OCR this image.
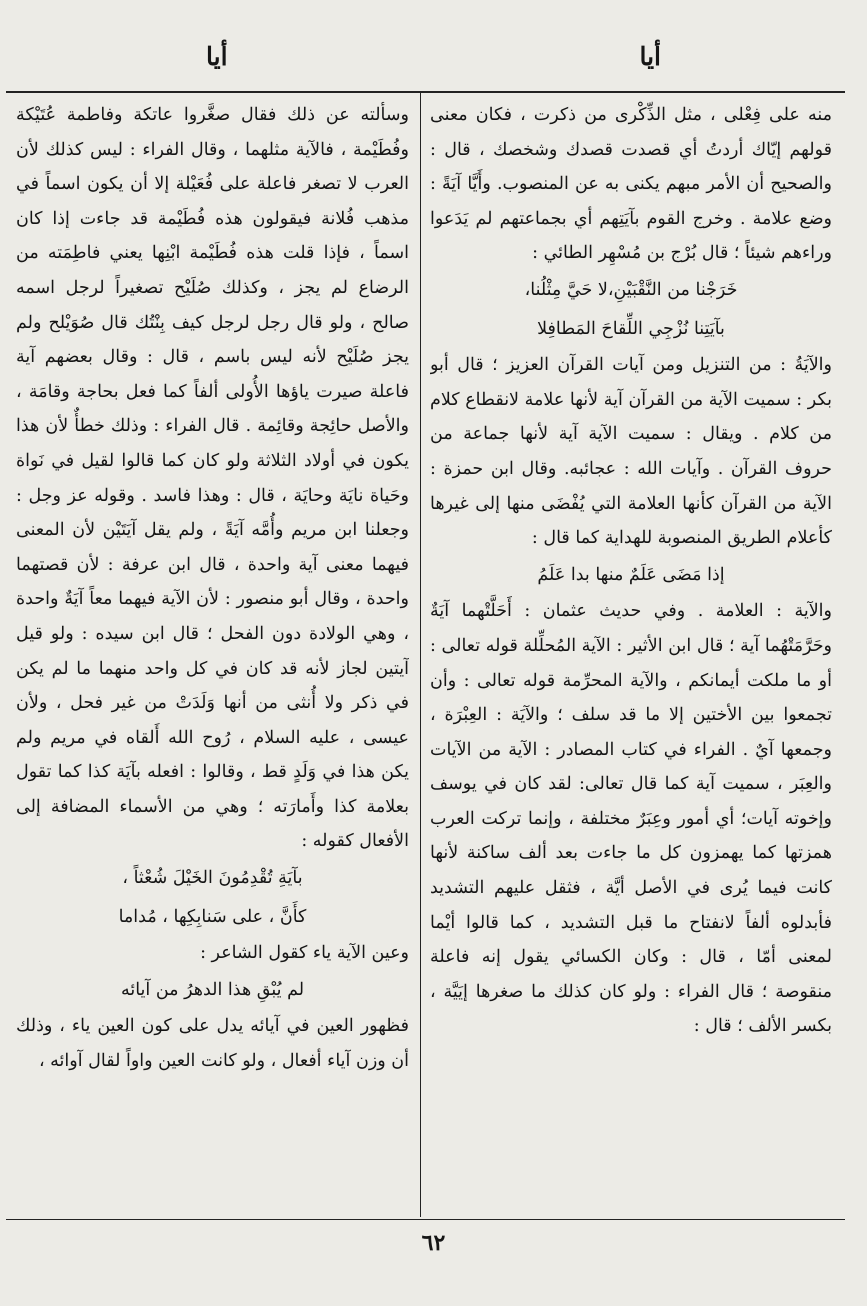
أيا
أيا

منه على فِعْلى ، مثل الذِّكْرى من ذكرت ، فكان معنى قولهم إيّاك أردتُ أي قصدت قصدك وشخصك ، قال : والصحيح أن الأمر مبهم يكنى به عن المنصوب. وأَيَّا آيَةً : وضع علامة . وخرج القوم بآيَتِهم أي بجماعتهم لم يَدَعوا وراءهم شيئاً ؛ قال بُرْج بن مُسْهِر الطائي :

خَرَجْنا من النَّقْبَيْنِ،لا حَيَّ مِثْلُنا،

بآيَتِنا نُزْجِي اللِّقاحَ المَطافِلا

والآيَةُ : من التنزيل ومن آيات القرآن العزيز ؛ قال أبو بكر : سميت الآية من القرآن آية لأنها علامة لانقطاع كلام من كلام . ويقال : سميت الآية آية لأنها جماعة من حروف القرآن . وآيات الله : عجائبه. وقال ابن حمزة : الآية من القرآن كأنها العلامة التي يُفْضَى منها إلى غيرها كأعلام الطريق المنصوبة للهداية كما قال :

إذا مَضَى عَلَمٌ منها بدا عَلَمُ

والآية : العلامة . وفي حديث عثمان : أَحَلَّتْهما آيَةٌ وحَرَّمَتْهُما آية ؛ قال ابن الأثير : الآية المُحلِّلة قوله تعالى : أو ما ملكت أيمانكم ، والآية المحرِّمة قوله تعالى : وأن تجمعوا بين الأختين إلا ما قد سلف ؛ والآيَة : العِبْرَة ، وجمعها آيٌ . الفراء في كتاب المصادر : الآية من الآيات والعِبَر ، سميت آية كما قال تعالى: لقد كان في يوسف وإخوته آيات؛ أي أمور وعِبَرٌ مختلفة ، وإنما تركت العرب همزتها كما يهمزون كل ما جاءت بعد ألف ساكنة لأنها كانت فيما يُرى في الأصل أيَّة ، فثقل عليهم التشديد فأبدلوه ألفاً لانفتاح ما قبل التشديد ، كما قالوا أيْما لمعنى أمّا ، قال : وكان الكسائي يقول إنه فاعلة منقوصة ؛ قال الفراء : ولو كان كذلك ما صغرها إيَيَّة ، بكسر الألف ؛ قال :

وسألته عن ذلك فقال صغَّروا عاتكة وفاطمة عُتَيْكة وفُطَيْمة ، فالآية مثلهما ، وقال الفراء : ليس كذلك لأن العرب لا تصغر فاعلة على فُعَيْلة إلا أن يكون اسماً في مذهب فُلانة فيقولون هذه فُطَيْمة قد جاءت إذا كان اسماً ، فإذا قلت هذه فُطَيْمة ابْنِها يعني فاطِمَته من الرضاع لم يجز ، وكذلك صُلَيْح تصغيراً لرجل اسمه صالح ، ولو قال رجل لرجل كيف بِنْتُك قال صُوَيْلح ولم يجز صُلَيْح لأنه ليس باسم ، قال : وقال بعضهم آية فاعلة صيرت ياؤها الأُولى ألفاً كما فعل بحاجة وقامَة ، والأصل حائِجة وقائِمة . قال الفراء : وذلك خطأٌ لأن هذا يكون في أولاد الثلاثة ولو كان كما قالوا لقيل في نَواة وحَياة نايَة وحايَة ، قال : وهذا فاسد . وقوله عز وجل : وجعلنا ابن مريم وأُمَّه آيَةً ، ولم يقل آيَتَيْن لأن المعنى فيهما معنى آية واحدة ، قال ابن عرفة : لأن قصتهما واحدة ، وقال أبو منصور : لأن الآية فيهما معاً آيَةٌ واحدة ، وهي الولادة دون الفحل ؛ قال ابن سيده : ولو قيل آيتين لجاز لأنه قد كان في كل واحد منهما ما لم يكن في ذكر ولا أُنثى من أنها وَلَدَتْ من غير فحل ، ولأن عيسى ، عليه السلام ، رُوح الله أَلقاه في مريم ولم يكن هذا في وَلَدٍ قط ، وقالوا : افعله بآيَة كذا كما تقول بعلامة كذا وأَمارَته ؛ وهي من الأسماء المضافة إلى الأفعال كقوله :

بآيَةِ تُقْدِمُونَ الخَيْلَ شُعْثاً ،

كأَنَّ ، على سَنابِكِها ، مُداما

وعين الآية ياء كقول الشاعر :

لم يُبْقِ هذا الدهرُ من آيائه

فظهور العين في آيائه يدل على كون العين ياء ، وذلك أن وزن آياء أفعال ، ولو كانت العين واواً لقال آوائه ،

٦٢
